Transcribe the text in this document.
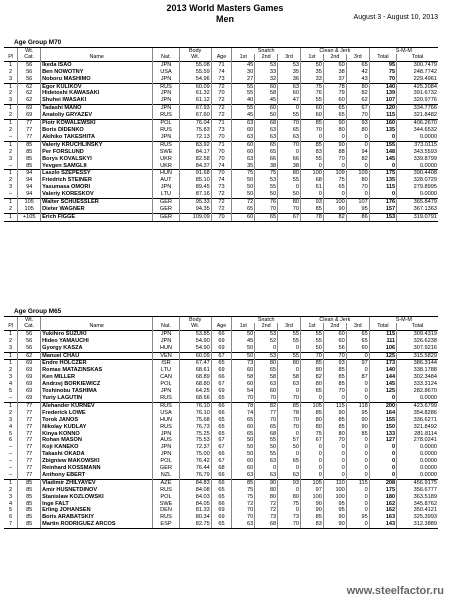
2013 World Masters Games
Men	August 3 - August 10, 2013
Age Group M70
	Wt.			Body		Snatch			Clean & Jerk			S-M-M	
Pl	Cat.	Name	Nat.	Wt.	Age	1st	2nd	3rd	1st	2nd	3rd	Total	Total
1	56	Ikeda ISAO	JPN	55.08	71	45	53	53	50	60	65	95	300.7479
2	56	Ben NOWOTNY	USA	55.59	74	30	33	35	35	38	42	75	248.7742
3	56	Noboru MASHIMO	JPN	54.96	73	27	32	36	33	37	43	70	229.4961
1	62	Egor KULIKOV	RUS	60.09	72	55	60	63	75	78	80	140	425.2084
2	62	Hidetoshi KAWASAKI	JPN	61.32	70	55	58	60	76	79	82	139	391.6732
3	62	Shuhei IWASAKI	JPN	61.12	72	40	45	47	55	60	62	107	320.9776
1	69	Tadashi MANO	JPN	67.93	72	55	60	0	60	65	67	120	334.7766
2	69	Anatoliy GRYAZEV	RUS	67.60	72	45	50	55	60	65	70	115	321.8482
1	77	Piotr KOWALEWSKI	POL	76.04	71	63	68	70	85	90	93	160	406.2670
2	77	Boris DIDENKO	RUS	75.83	73	60	63	65	70	80	80	135	344.6532
–	77	Akihiko TAKESHITA	JPN	72.13	70	63	63	63	0	0	0	0	0.0000
1	85	Valeriy KRUCHLINSKY	RUS	83.92	71	60	65	70	85	90	0	155	373.0115
2	85	Per FORSLUND	SWE	84.17	70	60	65	0	83	88	94	148	343.5593
3	85	Borys KOVALSKYI	UKR	82.58	70	63	66	66	55	70	82	145	339.8799
–	85	Yevgen SAMGLII	UKR	84.37	74	35	38	38	0	0	0	0	0.0000
1	94	Laszlo SZEPESSY	HUN	91.68	70	75	75	80	100	109	109	175	390.4408
2	94	Friedrich STEINER	AUT	85.10	74	50	53	55	68	75	80	135	328.0729
3	94	Yasumasa OMORI	JPN	89.45	73	50	55	0	61	65	70	115	279.8995
–	94	Valeriy KORESKOV	LTU	87.16	72	50	50	50	0	0	0	0	0.0000
1	105	Walter SCHÜESSLER	GER	95.33	72	72	76	80	93	100	107	176	365.8479
2	105	Dieter WAGNER	GER	94.35	72	65	70	70	85	90	95	157	367.1363
1	+105	Erich FIGGE	GER	109.09	70	60	65	67	78	82	86	153	319.0791
Age Group M65
	Wt.			Body		Snatch			Clean & Jerk			S-M-M	
Pl	Cat.	Name	Nat.	Wt.	Age	1st	2nd	3rd	1st	2nd	3rd	Total	Total
1	56	Yukihiro SUZUKI	JPN	53.85	66	50	53	55	55	60	65	115	309.4319
2	56	Hideo YAMAUCHI	JPN	54.90	69	45	52	55	55	60	65	111	326.6238
3	56	Gyorgy KASZA	HUN	54.90	69	50	0	0	50	56	60	106	307.9216
1	62	Manuel CHAU	VEN	60.09	67	50	53	55	70	70	0	125	315.5829
1	69	Endre HOLCZER	ISR	67.47	65	73	80	80	85	93	97	173	386.3144
2	69	Romas MATAZINSKAS	LTU	68.61	69	60	65	0	80	85	0	140	338.1788
3	69	Ken MILLER	CAN	68.89	66	58	58	58	82	85	87	144	302.3484
4	69	Andrzej BORKIEWICZ	POL	68.80	67	60	63	63	80	85	0	145	333.3124
5	69	Toshinobu TASHIMA	JPN	64.25	69	54	60	0	65	70	0	125	282.8670
–	69	Yuriy LAGUTIN	RUS	68.66	65	70	70	70	0	0	0	0	0.0000
1	77	Alehander KURNEV	RUS	76.10	66	78	82	85	105	115	118	200	423.6799
2	77	Frederick LOWE	USA	76.10	66	74	77	78	85	90	95	164	354.8286
3	77	Torok JANOS	HUN	75.68	65	65	70	70	80	85	90	155	336.6271
4	77	Nikolay KUDLAY	RUS	76.73	65	60	65	70	80	85	90	150	321.8492
5	77	Kinya KONNO	JPN	75.25	65	65	68	0	75	80	85	133	281.8114
6	77	Rohan MASON	AUS	75.53	67	50	55	57	67	70	0	127	278.0241
–	77	Koji KANEKO	JPN	72.37	67	50	50	50	0	0	0	0	0.0000
–	77	Takashi OKADA	JPN	75.00	66	50	55	0	0	0	0	0	0.0000
–	77	Zbigniew MAKOWSKI	POL	76.42	67	60	63	65	0	0	0	0	0.0000
–	77	Reinhard KOSSMANN	GER	76.44	68	60	0	0	0	0	0	0	0.0000
–	77	Anthony EBERT	NZL	76.79	66	63	63	63	0	0	0	0	0.0000
1	85	Vladimir ZHILYAYEV	AZE	84.83	66	85	90	93	105	110	115	208	456.9175
2	85	Amir HUSNETDINOV	RUS	84.08	65	75	80	0	97	100	0	175	356.6777
3	85	Stanislaw KOZLOWSKI	POL	84.03	65	75	80	80	100	100	0	180	363.5189
4	85	Inge FALT	SWE	84.05	66	72	72	75	90	95	0	162	345.8762
5	85	Erling JOHANSEN	DEN	81.33	69	70	72	0	90	95	0	162	350.4121
6	85	Boris ARABATSKIY	RUS	80.34	69	70	73	73	85	90	95	163	325.3993
7	85	Martin RODRIGUEZ ARCOS	ESP	82.75	65	63	68	70	83	90	0	143	312.3889
www.steelfactor.ru
